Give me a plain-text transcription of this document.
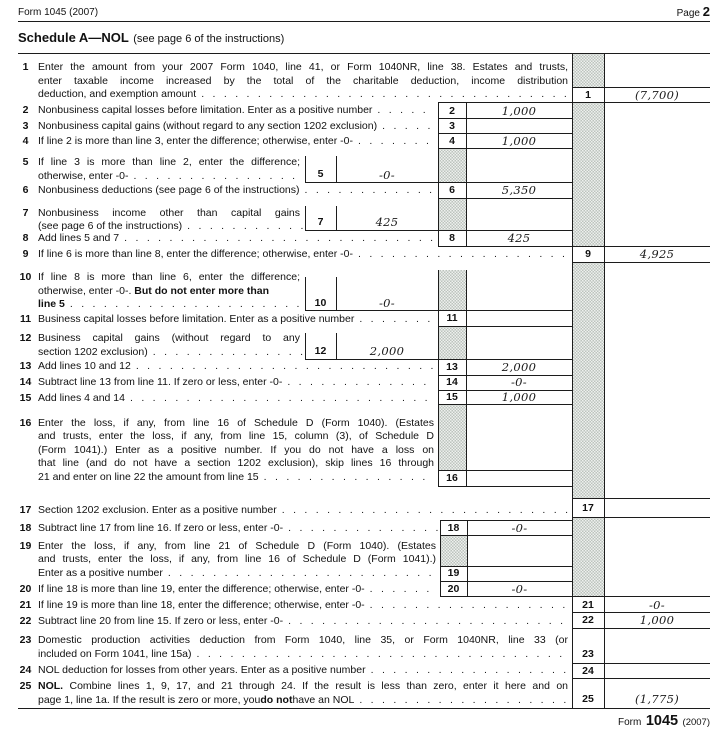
Form 1045 (2007)	Page 2
Schedule A—NOL (see page 6 of the instructions)
1 Enter the amount from your 2007 Form 1040, line 41, or Form 1040NR, line 38. Estates and trusts,
enter taxable income increased by the total of the charitable deduction, income distribution
deduction, and exemption amount . . .	1	(7,700)
2 Nonbusiness capital losses before limitation. Enter as a positive number . . .	2	1,000
3 Nonbusiness capital gains (without regard to any section 1202 exclusion) . . .	3
4 If line 2 is more than line 3, enter the difference; otherwise, enter -0- . . .	4	1,000
5 If line 3 is more than line 2, enter the difference;
otherwise, enter -0- . . .	5	-0-
6 Nonbusiness deductions (see page 6 of the instructions) . . .	6	5,350
7 Nonbusiness income other than capital gains
(see page 6 of the instructions) . . .	7	425
8 Add lines 5 and 7 . . .	8	425
9 If line 6 is more than line 8, enter the difference; otherwise, enter -0- . . .	9	4,925
10 If line 8 is more than line 6, enter the difference;
otherwise, enter -0-. But do not enter more than
line 5 . . .	10	-0-
11 Business capital losses before limitation. Enter as a positive number . . .	11
12 Business capital gains (without regard to any
section 1202 exclusion) . . .	12	2,000
13 Add lines 10 and 12 . . .	13	2,000
14 Subtract line 13 from line 11. If zero or less, enter -0- . . .	14	-0-
15 Add lines 4 and 14 . . .	15	1,000
16 Enter the loss, if any, from line 16 of Schedule D (Form 1040). (Estates
and trusts, enter the loss, if any, from line 15, column (3), of Schedule D
(Form 1041).) Enter as a positive number. If you do not have a loss on
that line (and do not have a section 1202 exclusion), skip lines 16 through
21 and enter on line 22 the amount from line 15 . . .	16
17 Section 1202 exclusion. Enter as a positive number . . .	17
18 Subtract line 17 from line 16. If zero or less, enter -0- . . .	18	-0-
19 Enter the loss, if any, from line 21 of Schedule D (Form 1040). (Estates
and trusts, enter the loss, if any, from line 16 of Schedule D (Form 1041).)
Enter as a positive number . . .	19
20 If line 18 is more than line 19, enter the difference; otherwise, enter -0- . . .	20	-0-
21 If line 19 is more than line 18, enter the difference; otherwise, enter -0- . . .	21	-0-
22 Subtract line 20 from line 15. If zero or less, enter -0- . . .	22	1,000
23 Domestic production activities deduction from Form 1040, line 35, or Form 1040NR, line 33 (or
included on Form 1041, line 15a) . . .	23
24 NOL deduction for losses from other years. Enter as a positive number . . .	24
25 NOL. Combine lines 1, 9, 17, and 21 through 24. If the result is less than zero, enter it here and on
page 1, line 1a. If the result is zero or more, you do not have an NOL . . .	25	(1,775)
Form 1045 (2007)
